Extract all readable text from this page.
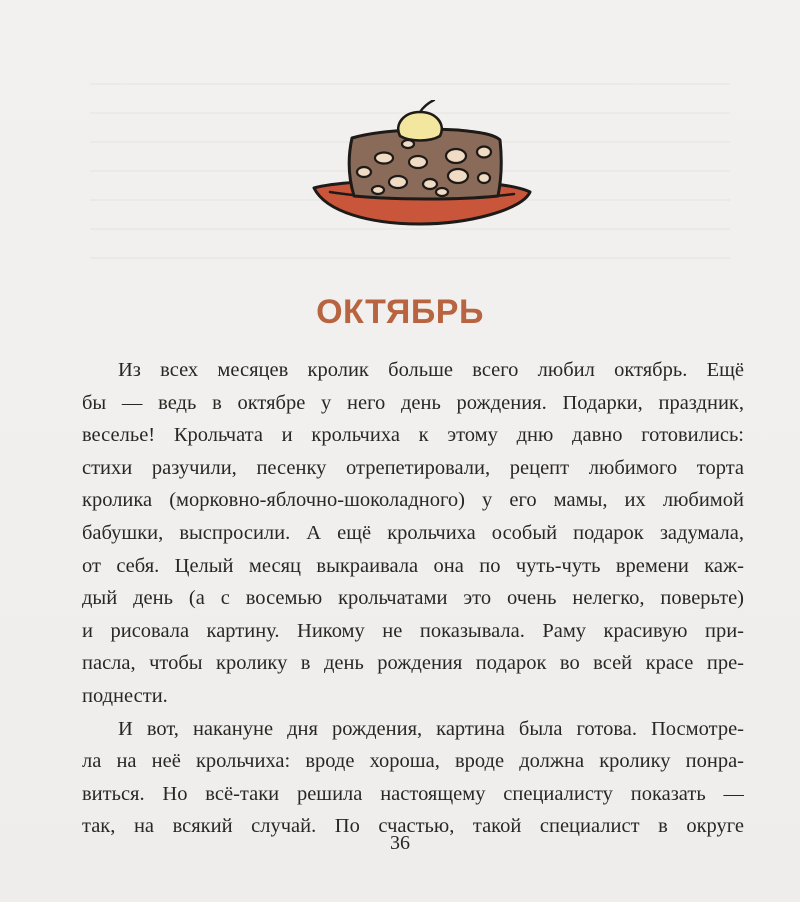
ОКТЯБРЬ
Из всех месяцев кролик больше всего любил октябрь. Ещё
бы — ведь в октябре у него день рождения. Подарки, праздник,
веселье! Крольчата и крольчиха к этому дню давно готовились:
стихи разучили, песенку отрепетировали, рецепт любимого торта
кролика (морковно-яблочно-шоколадного) у его мамы, их любимой
бабушки, выспросили. А ещё крольчиха особый подарок задумала,
от себя. Целый месяц выкраивала она по чуть-чуть времени каж-
дый день (а с восемью крольчатами это очень нелегко, поверьте)
и рисовала картину. Никому не показывала. Раму красивую при-
пасла, чтобы кролику в день рождения подарок во всей красе пре-
поднести.
И вот, накануне дня рождения, картина была готова. Посмотре-
ла на неё крольчиха: вроде хороша, вроде должна кролику понра-
виться. Но всё-таки решила настоящему специалисту показать —
так, на всякий случай. По счастью, такой специалист в округе
36
